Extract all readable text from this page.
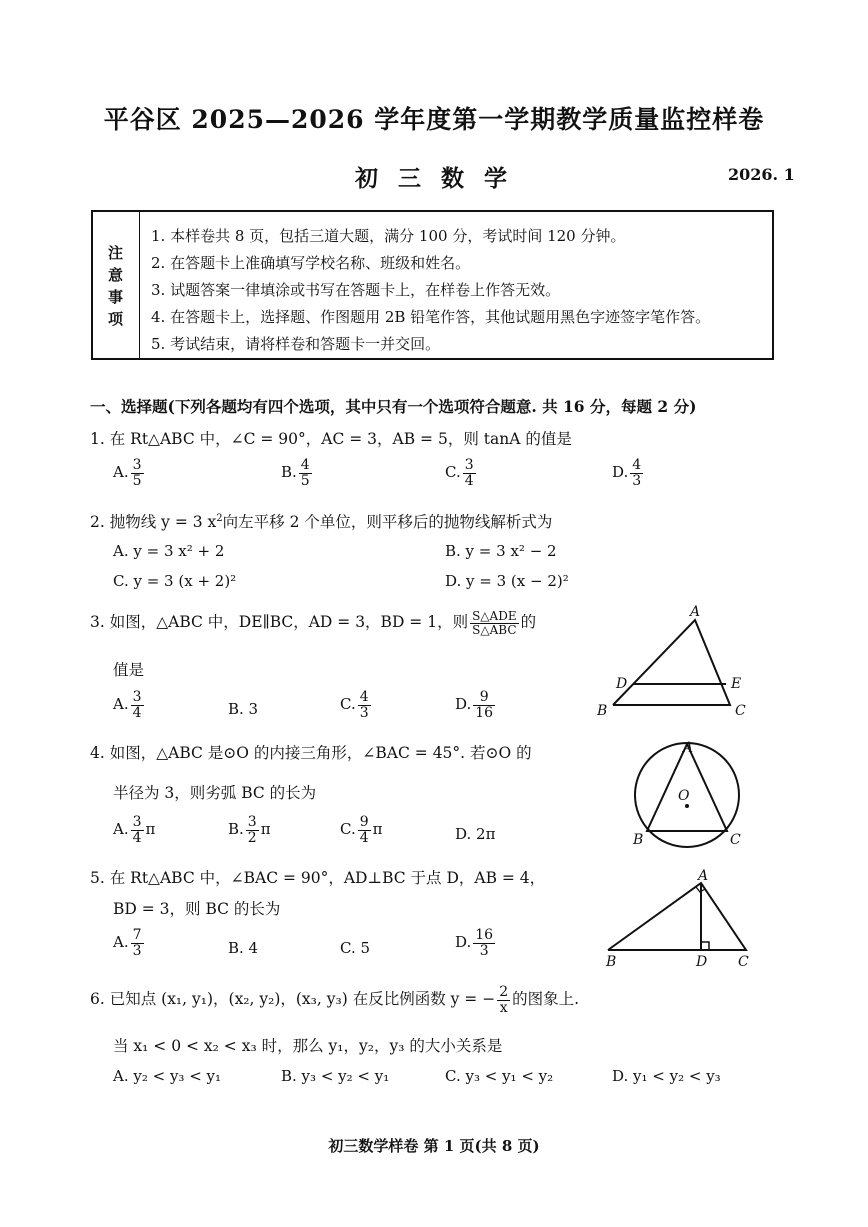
平谷区 2025—2026 学年度第一学期教学质量监控样卷
初 三 数 学	2026. 1
注
意
事
项
1. 本样卷共 8 页，包括三道大题，满分 100 分，考试时间 120 分钟。
2. 在答题卡上准确填写学校名称、班级和姓名。
3. 试题答案一律填涂或书写在答题卡上，在样卷上作答无效。
4. 在答题卡上，选择题、作图题用 2B 铅笔作答，其他试题用黑色字迹签字笔作答。
5. 考试结束，请将样卷和答题卡一并交回。
一、选择题(下列各题均有四个选项，其中只有一个选项符合题意. 共 16 分，每题 2 分)
1. 在 Rt△ABC 中，∠C = 90°，AC = 3，AB = 5，则 tanA 的值是
A. $\frac{3}{5}$	B. $\frac{4}{5}$	C. $\frac{3}{4}$	D. $\frac{4}{3}$
2. 抛物线 y = 3 $x^2$向左平移 2 个单位，则平移后的抛物线解析式为
A. y = 3 x² + 2	B. y = 3 x² − 2
C. y = 3 (x + 2)²	D. y = 3 (x − 2)²
3. 如图，△ABC 中，DE∥BC，AD = 3，BD = 1，则 $\frac{\text{S△ADE}}{\text{S△ABC}}$ 的
值是
A. $\frac{3}{4}$	B. 3	C. $\frac{4}{3}$	D. $\frac{9}{16}$
A
B	C
D	E
4. 如图，△ABC 是⊙O 的内接三角形，∠BAC = 45°. 若⊙O 的
半径为 3，则劣弧 BC 的长为
A. $\frac{3}{4}$ π	B. $\frac{3}{2}$ π	C. $\frac{9}{4}$ π	D. 2π
A
B	C
O
5. 在 Rt△ABC 中，∠BAC = 90°，AD⊥BC 于点 D，AB = 4，
BD = 3，则 BC 的长为
A. $\frac{7}{3}$	B. 4	C. 5	D. $\frac{16}{3}$
A
B	D C
6. 已知点 (x₁, y₁)，(x₂, y₂)，(x₃, y₃) 在反比例函数 y = − $\frac{2}{x}$ 的图象上.
当 x₁ < 0 < x₂ < x₃ 时，那么 y₁，y₂，y₃ 的大小关系是
A. y₂ < y₃ < y₁	B. y₃ < y₂ < y₁	C. y₃ < y₁ < y₂	D. y₁ < y₂ < y₃
初三数学样卷 第 1 页(共 8 页)
